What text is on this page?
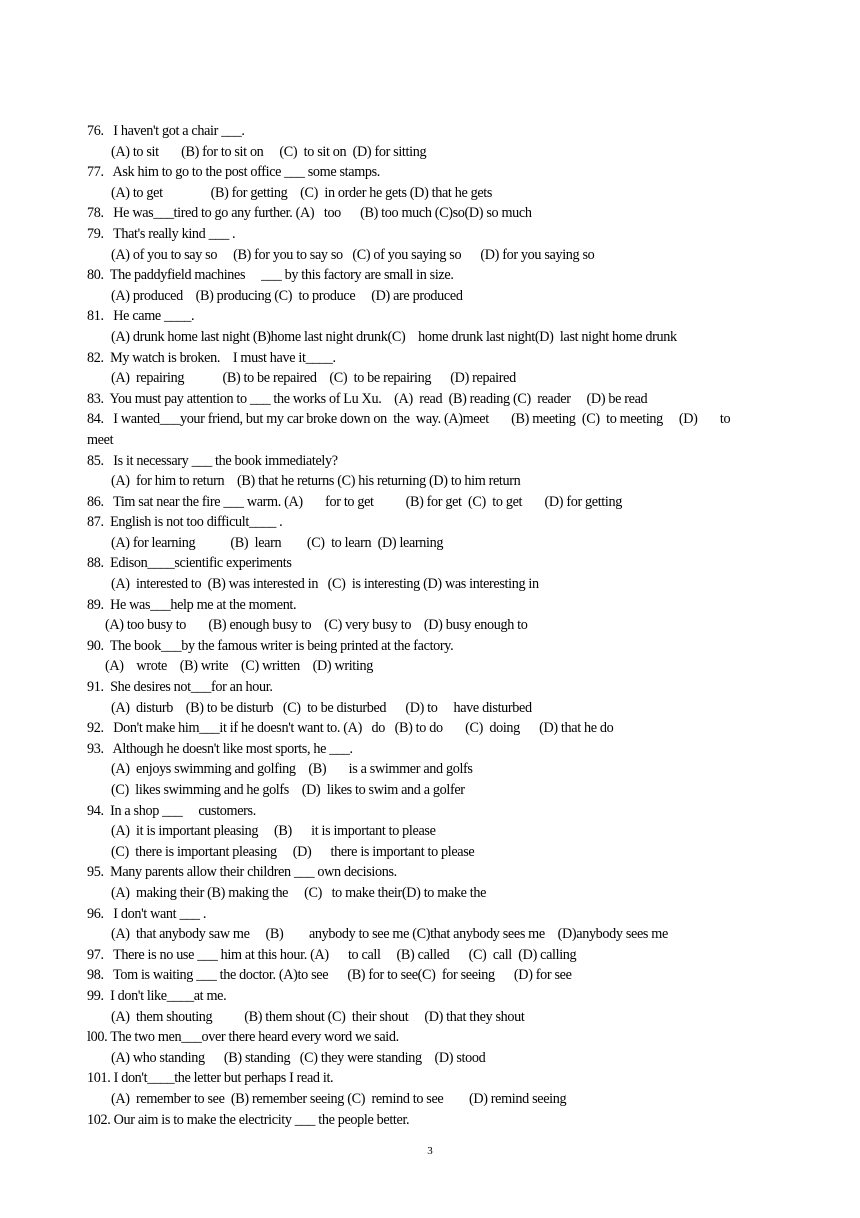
76.   I haven't got a chair ___.
(A) to sit       (B) for to sit on     (C)  to sit on  (D) for sitting
77.   Ask him to go to the post office ___ some stamps.
(A) to get               (B) for getting    (C)  in order he gets (D) that he gets
78.   He was___tired to go any further. (A)   too      (B) too much (C)so(D) so much
79.   That's really kind ___ .
(A) of you to say so     (B) for you to say so   (C) of you saying so      (D) for you saying so
80.  The paddyfield machines     ___ by this factory are small in size.
(A) produced    (B) producing (C)  to produce     (D) are produced
81.   He came ____.
(A) drunk home last night (B)home last night drunk(C)    home drunk last night(D)  last night home drunk
82.  My watch is broken.    I must have it____.
(A)  repairing            (B) to be repaired    (C)  to be repairing      (D) repaired
83.  You must pay attention to ___ the works of Lu Xu.    (A)  read  (B) reading (C)  reader     (D) be read
84.   I wanted___your friend, but my car broke down on  the  way. (A)meet       (B) meeting  (C)  to meeting     (D)       to
meet
85.   Is it necessary ___ the book immediately?
(A)  for him to return    (B) that he returns (C) his returning (D) to him return
86.   Tim sat near the fire ___ warm. (A)       for to get          (B) for get  (C)  to get       (D) for getting
87.  English is not too difficult____ .
(A) for learning           (B)  learn        (C)  to learn  (D) learning
88.  Edison____scientific experiments
(A)  interested to  (B) was interested in   (C)  is interesting (D) was interesting in
89.  He was___help me at the moment.
(A) too busy to       (B) enough busy to    (C) very busy to    (D) busy enough to
90.  The book___by the famous writer is being printed at the factory.
(A)    wrote    (B) write    (C) written    (D) writing
91.  She desires not___for an hour.
(A)  disturb    (B) to be disturb   (C)  to be disturbed      (D) to     have disturbed
92.   Don't make him___it if he doesn't want to. (A)   do   (B) to do       (C)  doing      (D) that he do
93.   Although he doesn't like most sports, he ___.
(A)  enjoys swimming and golfing    (B)       is a swimmer and golfs
(C)  likes swimming and he golfs    (D)  likes to swim and a golfer
94.  In a shop ___     customers.
(A)  it is important pleasing     (B)      it is important to please
(C)  there is important pleasing     (D)      there is important to please
95.  Many parents allow their children ___ own decisions.
(A)  making their (B) making the     (C)   to make their(D) to make the
96.   I don't want ___ .
(A)  that anybody saw me     (B)        anybody to see me (C)that anybody sees me    (D)anybody sees me
97.   There is no use ___ him at this hour. (A)      to call     (B) called      (C)  call  (D) calling
98.   Tom is waiting ___ the doctor. (A)to see      (B) for to see(C)  for seeing      (D) for see
99.  I don't like____at me.
(A)  them shouting          (B) them shout (C)  their shout     (D) that they shout
l00. The two men___over there heard every word we said.
(A) who standing      (B) standing   (C) they were standing    (D) stood
101. I don't____the letter but perhaps I read it.
(A)  remember to see  (B) remember seeing (C)  remind to see        (D) remind seeing
102. Our aim is to make the electricity ___ the people better.
3
